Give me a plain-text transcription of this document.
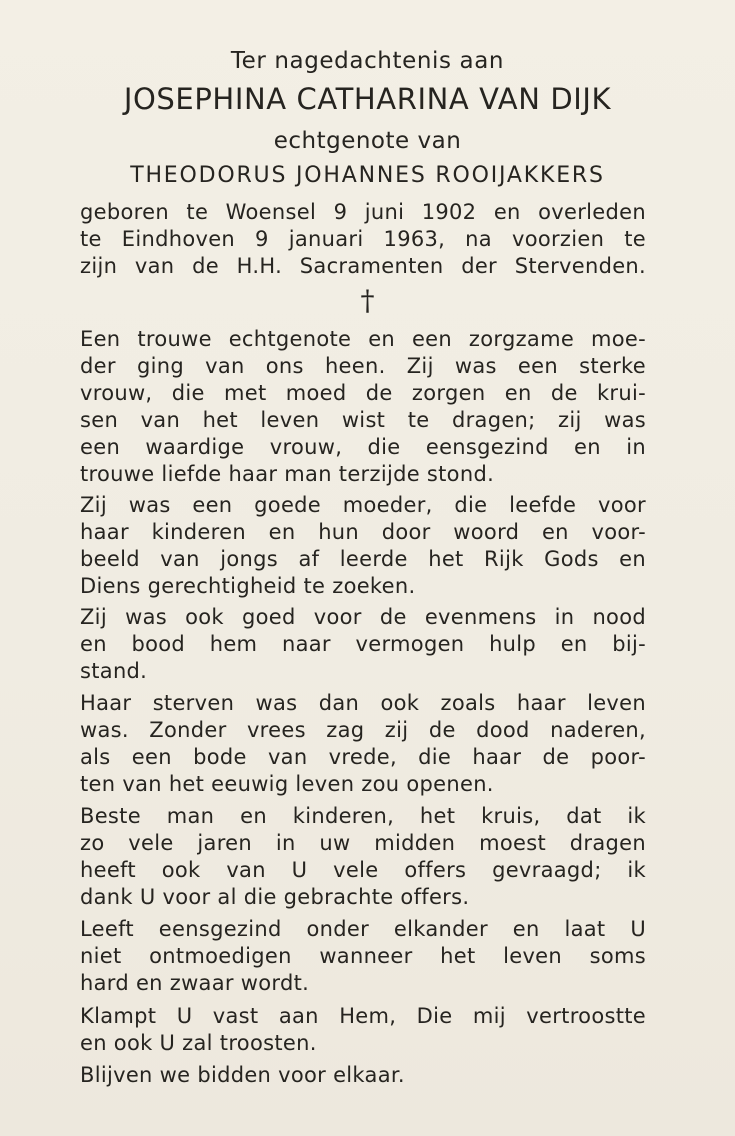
Ter nagedachtenis aan
JOSEPHINA CATHARINA VAN DIJK
echtgenote van
THEODORUS JOHANNES ROOIJAKKERS
geboren te Woensel 9 juni 1902 en overleden
te Eindhoven 9 januari 1963, na voorzien te
zijn van de H.H. Sacramenten der Stervenden.
†
Een trouwe echtgenote en een zorgzame moe-
der ging van ons heen. Zij was een sterke
vrouw, die met moed de zorgen en de krui-
sen van het leven wist te dragen; zij was
een waardige vrouw, die eensgezind en in
trouwe liefde haar man terzijde stond.
Zij was een goede moeder, die leefde voor
haar kinderen en hun door woord en voor-
beeld van jongs af leerde het Rijk Gods en
Diens gerechtigheid te zoeken.
Zij was ook goed voor de evenmens in nood
en bood hem naar vermogen hulp en bij-
stand.
Haar sterven was dan ook zoals haar leven
was. Zonder vrees zag zij de dood naderen,
als een bode van vrede, die haar de poor-
ten van het eeuwig leven zou openen.
Beste man en kinderen, het kruis, dat ik
zo vele jaren in uw midden moest dragen
heeft ook van U vele offers gevraagd; ik
dank U voor al die gebrachte offers.
Leeft eensgezind onder elkander en laat U
niet ontmoedigen wanneer het leven soms
hard en zwaar wordt.
Klampt U vast aan Hem, Die mij vertroostte
en ook U zal troosten.
Blijven we bidden voor elkaar.
